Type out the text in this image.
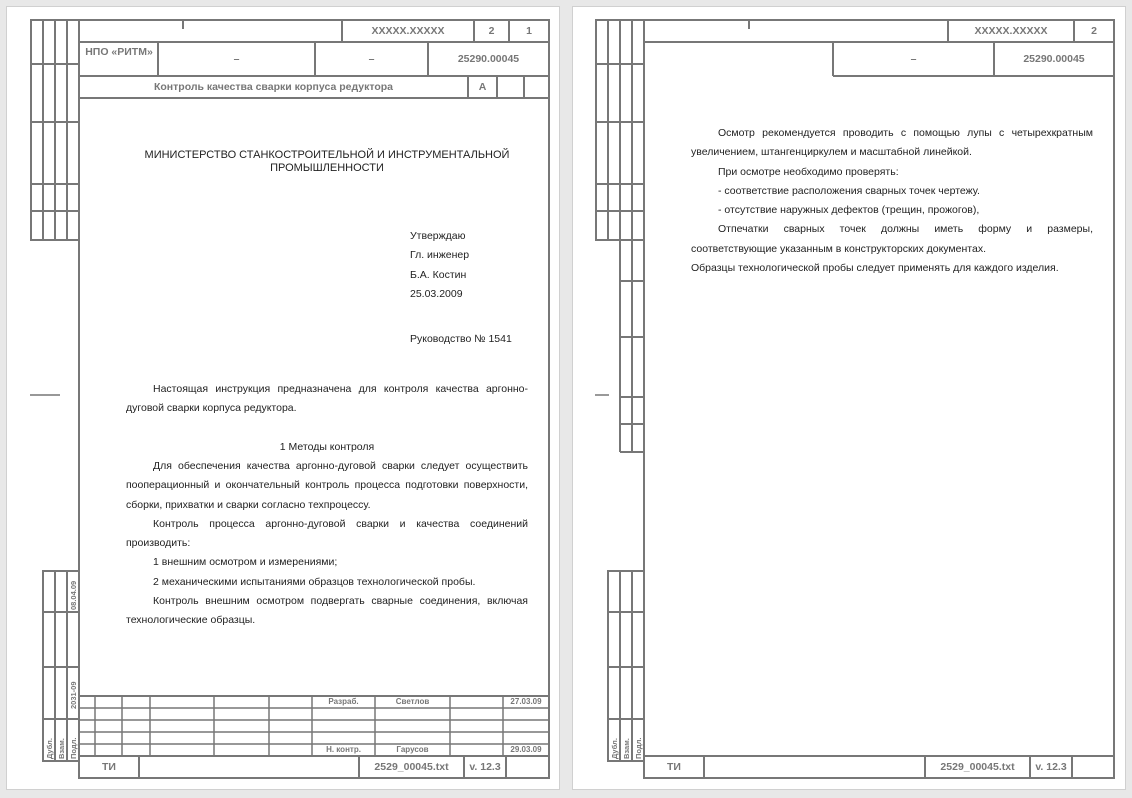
XXXXX.XXXXX	2	1
НПО «РИТМ»
–	–	25290.00045
Контроль качества сварки корпуса редуктора	А
МИНИСТЕРСТВО СТАНКОСТРОИТЕЛЬНОЙ И ИНСТРУМЕНТАЛЬНОЙ ПРОМЫШЛЕННОСТИ

Утверждаю

Гл. инженер

Б.А. Костин

25.03.2009

Руководство № 1541
Настоящая инструкция предназначена для контроля качества аргонно-дуговой сварки корпуса редуктора.
1 Методы контроля

Для обеспечения качества аргонно-дуговой сварки следует осуществить пооперационный и окончательный контроль процесса подготовки поверхности, сборки, прихватки и сварки согласно техпроцессу.

Контроль процесса аргонно-дуговой сварки и качества соединений производить:

1 внешним осмотром и измерениями;

2 механическими испытаниями образцов технологической пробы.

Контроль внешним осмотром подвергать сварные соединения, включая технологические образцы.

Дубл. Взам. Подл.
08.04.09
2031-09	Разраб.	Светлов	27.03.09
Н. контр.	Гарусов	29.03.09
ТИ	2529_00045.txt	v. 12.3
XXXXX.XXXXX	2
–	25290.00045

Осмотр рекомендуется проводить с помощью лупы с четырехкратным увеличением, штангенциркулем и масштабной линейкой.

При осмотре необходимо проверять:

- соответствие расположения сварных точек чертежу.

- отсутствие наружных дефектов (трещин, прожогов),

Отпечатки сварных точек должны иметь форму и размеры, соответствующие указанным в конструкторских документах.

Образцы технологической пробы следует применять для каждого изделия.

Дубл. Взам. Подл.
ТИ	2529_00045.txt	v. 12.3
